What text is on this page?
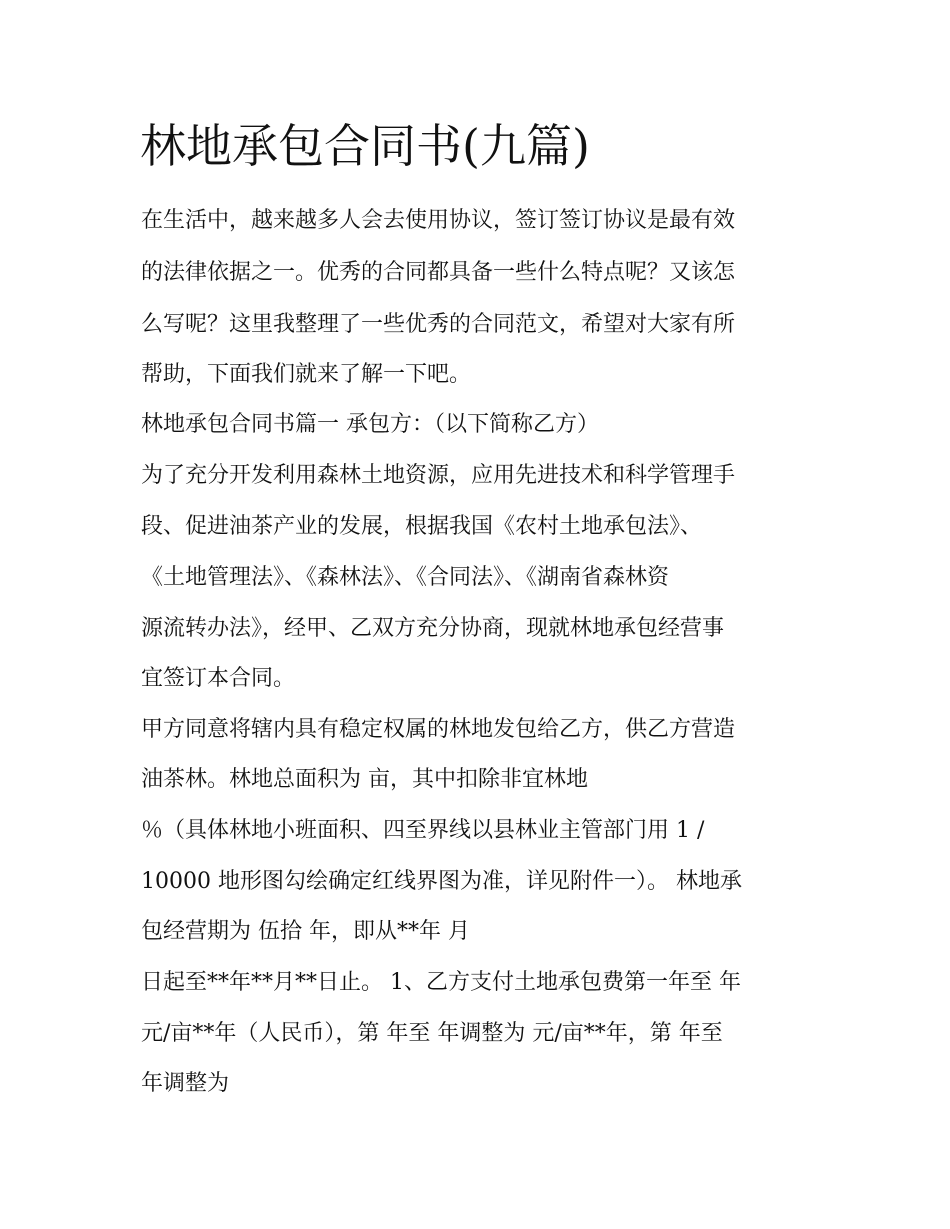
林地承包合同书(九篇)

在生活中，越来越多人会去使用协议，签订签订协议是最有效

的法律依据之一。优秀的合同都具备一些什么特点呢？又该怎

么写呢？这里我整理了一些优秀的合同范文，希望对大家有所

帮助，下面我们就来了解一下吧。

林地承包合同书篇一 承包方：（以下简称乙方）

为了充分开发利用森林土地资源，应用先进技术和科学管理手

段、促进油茶产业的发展，根据我国《农村土地承包法》、

《土地管理法》、《森林法》、《合同法》、《湖南省森林资

源流转办法》，经甲、乙双方充分协商，现就林地承包经营事

宜签订本合同。

甲方同意将辖内具有稳定权属的林地发包给乙方，供乙方营造

油茶林。林地总面积为 亩，其中扣除非宜林地

％（具体林地小班面积、四至界线以县林业主管部门用 1 /

10000 地形图勾绘确定红线界图为准，详见附件一）。 林地承

包经营期为 伍拾 年，即从**年 月

日起至**年**月**日止。 1、乙方支付土地承包费第一年至 年

元/亩**年（人民币），第 年至 年调整为 元/亩**年，第 年至

年调整为
